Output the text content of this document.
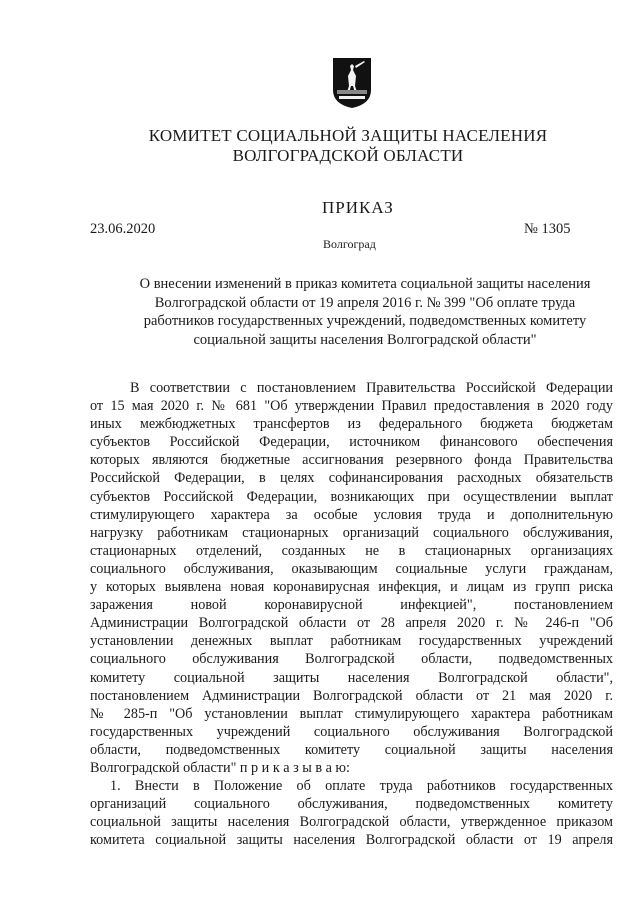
КОМИТЕТ СОЦИАЛЬНОЙ ЗАЩИТЫ НАСЕЛЕНИЯ
ВОЛГОГРАДСКОЙ ОБЛАСТИ
ПРИКАЗ
23.06.2020	№ 1305
Волгоград
О внесении изменений в приказ комитета социальной защиты населения
Волгоградской области от 19 апреля 2016 г. № 399 "Об оплате труда
работников государственных учреждений, подведомственных комитету
социальной защиты населения Волгоградской области"
В соответствии с постановлением Правительства Российской Федерации
от 15 мая 2020 г. № 681 "Об утверждении Правил предоставления в 2020 году
иных межбюджетных трансфертов из федерального бюджета бюджетам
субъектов Российской Федерации, источником финансового обеспечения
которых являются бюджетные ассигнования резервного фонда Правительства
Российской Федерации, в целях софинансирования расходных обязательств
субъектов Российской Федерации, возникающих при осуществлении выплат
стимулирующего характера за особые условия труда и дополнительную
нагрузку работникам стационарных организаций социального обслуживания,
стационарных отделений, созданных не в стационарных организациях
социального обслуживания, оказывающим социальные услуги гражданам,
у которых выявлена новая коронавирусная инфекция, и лицам из групп риска
заражения новой коронавирусной инфекцией", постановлением
Администрации Волгоградской области от 28 апреля 2020 г. № 246-п "Об
установлении денежных выплат работникам государственных учреждений
социального обслуживания Волгоградской области, подведомственных
комитету социальной защиты населения Волгоградской области",
постановлением Администрации Волгоградской области от 21 мая 2020 г.
№ 285-п "Об установлении выплат стимулирующего характера работникам
государственных учреждений социального обслуживания Волгоградской
области, подведомственных комитету социальной защиты населения
Волгоградской области" п р и к а з ы в а ю:
1. Внести в Положение об оплате труда работников государственных
организаций социального обслуживания, подведомственных комитету
социальной защиты населения Волгоградской области, утвержденное приказом
комитета социальной защиты населения Волгоградской области от 19 апреля
